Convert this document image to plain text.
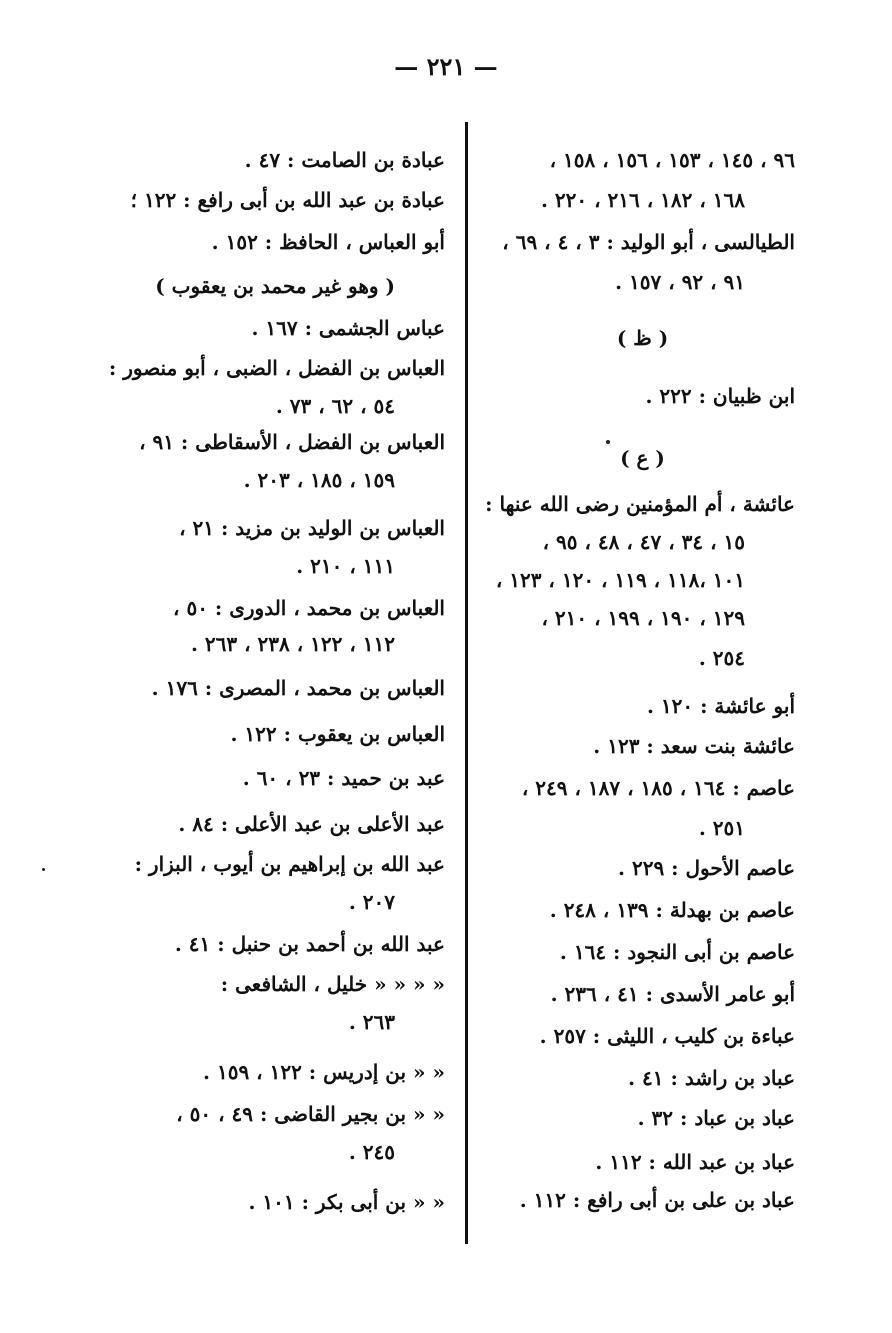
— ٢٢١ —
٩٦ ، ١٤٥ ، ١٥٣ ، ١٥٦ ، ١٥٨ ،
١٦٨ ، ١٨٢ ، ٢١٦ ، ٢٢٠ .
الطيالسى ، أبو الوليد : ٣ ، ٤ ، ٦٩ ،
٩١ ، ٩٢ ، ١٥٧ .
( ظ )
ابن ظبيان : ٢٢٢ .
( ع )
عائشة ، أم المؤمنين رضى الله عنها :
١٥ ، ٣٤ ، ٤٧ ، ٤٨ ، ٩٥ ،
١٠١ ،١١٨ ، ١١٩ ، ١٢٠ ، ١٢٣ ،
١٢٩ ، ١٩٠ ، ١٩٩ ، ٢١٠ ،
٢٥٤ .
أبو عائشة : ١٢٠ .
عائشة بنت سعد : ١٢٣ .
عاصم : ١٦٤ ، ١٨٥ ، ١٨٧ ، ٢٤٩ ،
٢٥١ .
عاصم الأحول : ٢٢٩ .
عاصم بن بهدلة : ١٣٩ ، ٢٤٨ .
عاصم بن أبى النجود : ١٦٤ .
أبو عامر الأسدى : ٤١ ، ٢٣٦ .
عباءة بن كليب ، الليثى : ٢٥٧ .
عباد بن راشد : ٤١ .
عباد بن عباد : ٣٢ .
عباد بن عبد الله : ١١٢ .
عباد بن على بن أبى رافع : ١١٢ .
عبادة بن الصامت : ٤٧ .
عبادة بن عبد الله بن أبى رافع : ١٢٢ ؛
أبو العباس ، الحافظ : ١٥٢ .
( وهو غير محمد بن يعقوب )
عباس الجشمى : ١٦٧ .
العباس بن الفضل ، الضبى ، أبو منصور :
٥٤ ، ٦٢ ، ٧٣ .
العباس بن الفضل ، الأسقاطى : ٩١ ،
١٥٩ ، ١٨٥ ، ٢٠٣ .
العباس بن الوليد بن مزيد : ٢١ ،
١١١ ، ٢١٠ .
العباس بن محمد ، الدورى : ٥٠ ،
١١٢ ، ١٢٢ ، ٢٣٨ ، ٢٦٣ .
العباس بن محمد ، المصرى : ١٧٦ .
العباس بن يعقوب : ١٢٢ .
عبد بن حميد : ٢٣ ، ٦٠ .
عبد الأعلى بن عبد الأعلى : ٨٤ .
عبد الله بن إبراهيم بن أيوب ، البزار :
٢٠٧ .
عبد الله بن أحمد بن حنبل : ٤١ .
« « « « خليل ، الشافعى :
٢٦٣ .
« « بن إدريس : ١٢٢ ، ١٥٩ .
« « بن بجير القاضى : ٤٩ ، ٥٠ ،
٢٤٥ .
« « بن أبى بكر : ١٠١ .
